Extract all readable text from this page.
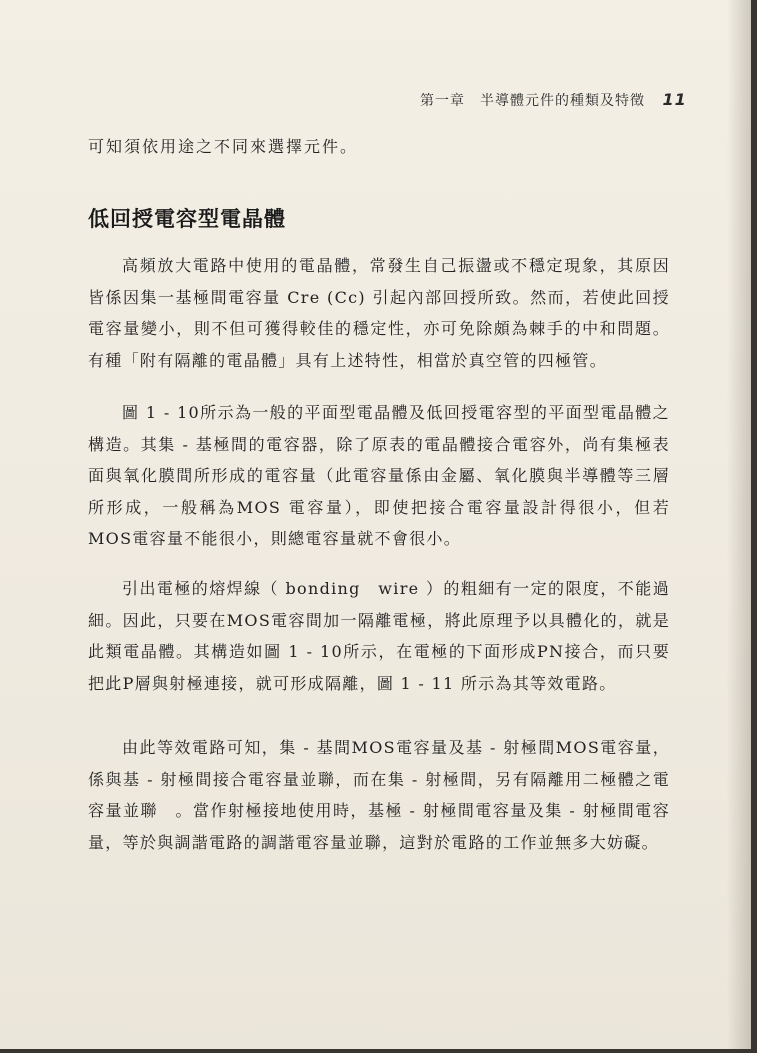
第一章　半導體元件的種類及特徵 11
可知須依用途之不同來選擇元件。
低回授電容型電晶體

高頻放大電路中使用的電晶體，常發生自己振盪或不穩定現象，其原因皆係因集一基極間電容量 Cre (Cc) 引起內部回授所致。然而，若使此回授電容量變小，則不但可獲得較佳的穩定性，亦可免除頗為棘手的中和問題。有種「附有隔離的電晶體」具有上述特性，相當於真空管的四極管。

圖 1 - 10所示為一般的平面型電晶體及低回授電容型的平面型電晶體之構造。其集 - 基極間的電容器，除了原表的電晶體接合電容外，尚有集極表面與氧化膜間所形成的電容量（此電容量係由金屬、氧化膜與半導體等三層所形成，一般稱為MOS 電容量），即使把接合電容量設計得很小，但若MOS電容量不能很小，則總電容量就不會很小。

引出電極的熔焊線（ bonding　wire ）的粗細有一定的限度，不能過細。因此，只要在MOS電容間加一隔離電極，將此原理予以具體化的，就是此類電晶體。其構造如圖 1 - 10所示，在電極的下面形成PN接合，而只要把此P層與射極連接，就可形成隔離，圖 1 - 11 所示為其等效電路。

由此等效電路可知，集 - 基間MOS電容量及基 - 射極間MOS電容量，係與基 - 射極間接合電容量並聯，而在集 - 射極間，另有隔離用二極體之電容量並聯　。當作射極接地使用時，基極 - 射極間電容量及集 - 射極間電容量，等於與調諧電路的調諧電容量並聯，這對於電路的工作並無多大妨礙。
